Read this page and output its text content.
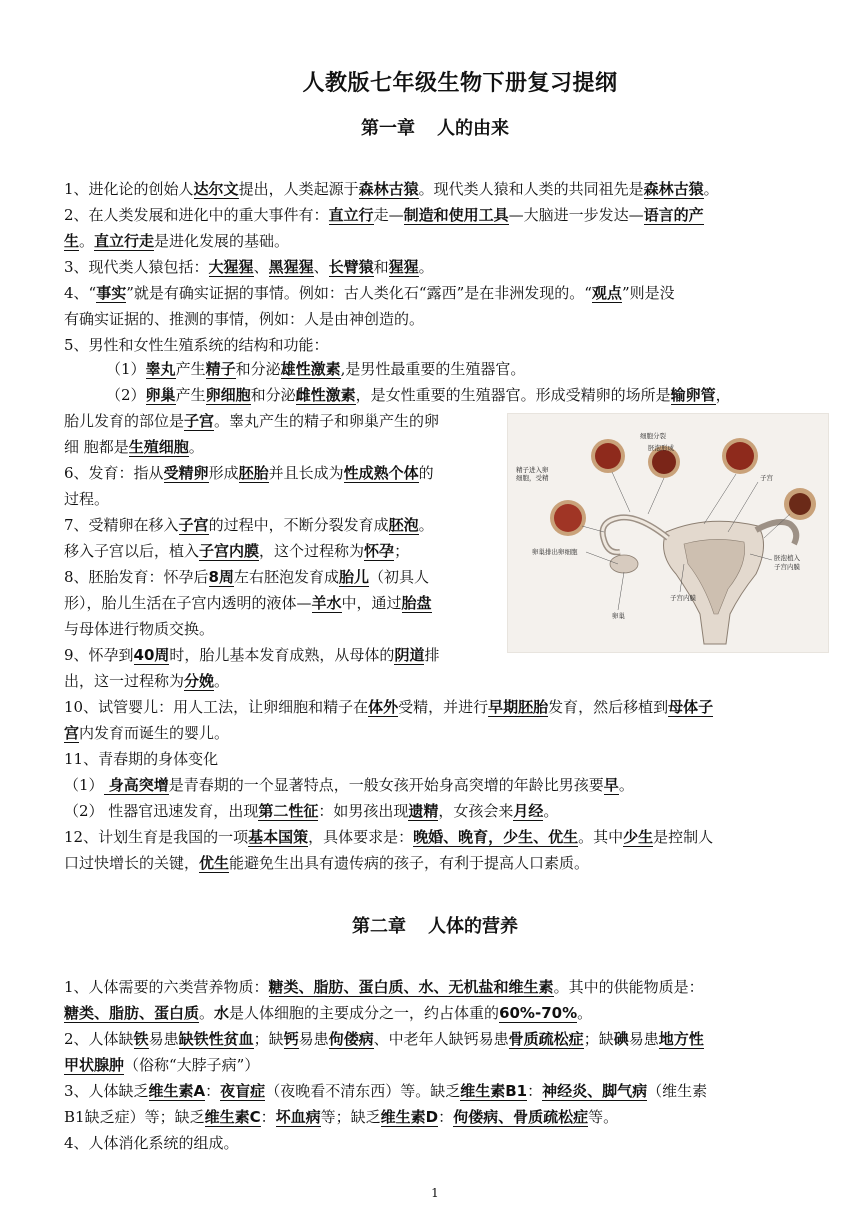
人教版七年级生物下册复习提纲
第一章 人的由来
1、进化论的创始人达尔文提出，人类起源于森林古猿。现代类人猿和人类的共同祖先是森林古猿。
2、在人类发展和进化中的重大事件有：直立行走—制造和使用工具—大脑进一步发达—语言的产
生。直立行走是进化发展的基础。
3、现代类人猿包括：大猩猩、黑猩猩、长臂猿和猩猩。
4、“事实”就是有确实证据的事情。例如：古人类化石“露西”是在非洲发现的。“观点”则是没
有确实证据的、推测的事情，例如：人是由神创造的。
5、男性和女性生殖系统的结构和功能：
（1）睾丸产生精子和分泌雄性激素,是男性最重要的生殖器官。
（2）卵巢产生卵细胞和分泌雌性激素，是女性重要的生殖器官。形成受精卵的场所是输卵管，
胎儿发育的部位是子宫。睾丸产生的精子和卵巢产生的卵
细 胞都是生殖细胞。
6、发育：指从受精卵形成胚胎并且长成为性成熟个体的
过程。
7、受精卵在移入子宫的过程中，不断分裂发育成胚泡。
移入子宫以后，植入子宫内膜，这个过程称为怀孕；
8、胚胎发育：怀孕后8周左右胚泡发育成胎儿（初具人
形），胎儿生活在子宫内透明的液体—羊水中，通过胎盘
与母体进行物质交换。
9、怀孕到40周时，胎儿基本发育成熟，从母体的阴道排
出，这一过程称为分娩。
10、试管婴儿：用人工法，让卵细胞和精子在体外受精，并进行早期胚胎发育，然后移植到母体子
宫内发育而诞生的婴儿。
11、青春期的身体变化
（1） 身高突增是青春期的一个显著特点，一般女孩开始身高突增的年龄比男孩要早。
（2） 性器官迅速发育，出现第二性征：如男孩出现遗精，女孩会来月经。
12、计划生育是我国的一项基本国策，具体要求是：晚婚、晚育，少生、优生。其中少生是控制人
口过快增长的关键，优生能避免生出具有遗传病的孩子，有利于提高人口素质。
细胞分裂
胚泡形成
精子进入卵
细胞，受精	子宫
胚泡植入
子宫内膜
卵巢排出卵细胞
子宫内膜
卵巢
第二章 人体的营养
1、人体需要的六类营养物质：糖类、脂肪、蛋白质、水、无机盐和维生素。其中的供能物质是：
糖类、脂肪、蛋白质。水是人体细胞的主要成分之一，约占体重的60%-70%。
2、人体缺铁易患缺铁性贫血；缺钙易患佝偻病、中老年人缺钙易患骨质疏松症；缺碘易患地方性
甲状腺肿（俗称“大脖子病”）
3、人体缺乏维生素A：夜盲症（夜晚看不清东西）等。缺乏维生素B1：神经炎、脚气病（维生素
B1缺乏症）等；缺乏维生素C：坏血病等；缺乏维生素D：佝偻病、骨质疏松症等。
4、人体消化系统的组成。
1
